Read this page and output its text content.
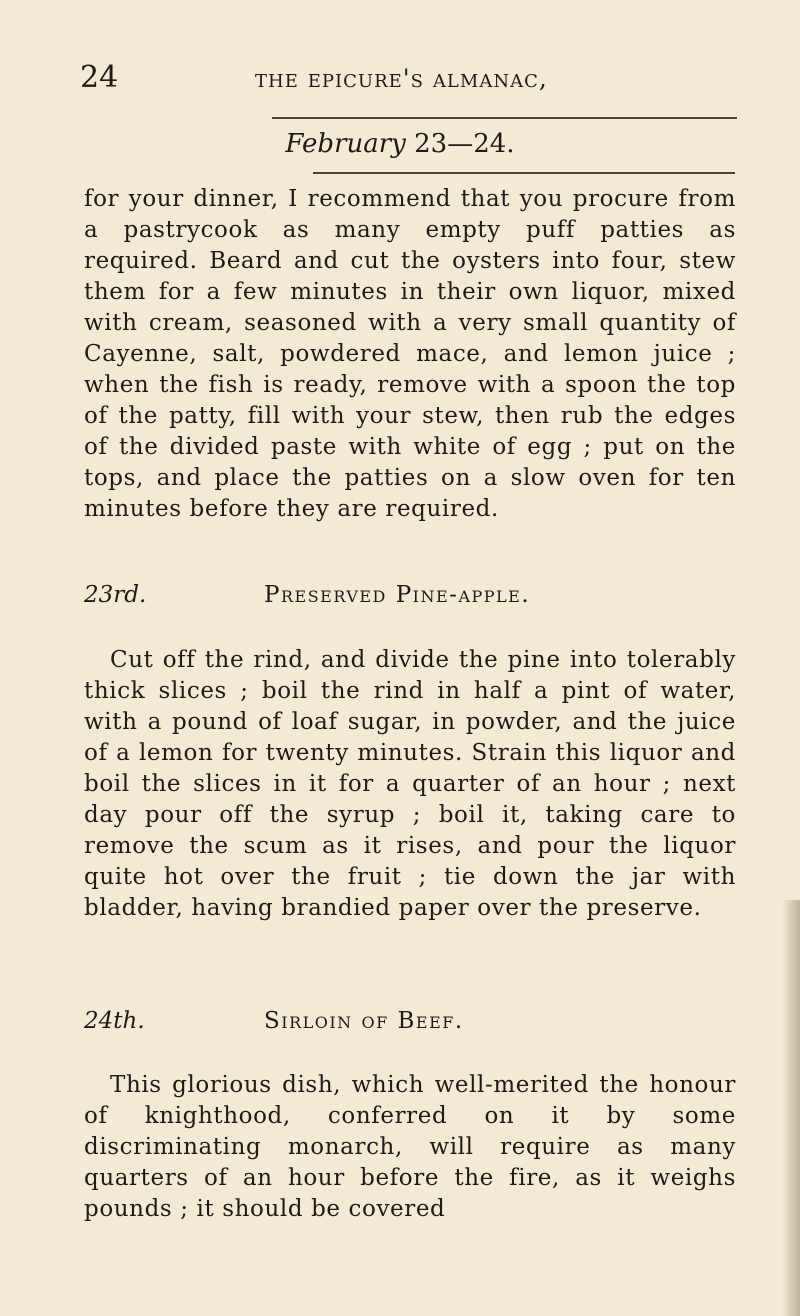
24	the epicure's almanac,
February 23—24.

for your dinner, I recommend that you procure from a pastrycook as many empty puff patties as required. Beard and cut the oysters into four, stew them for a few minutes in their own liquor, mixed with cream, seasoned with a very small quantity of Cayenne, salt, powdered mace, and lemon juice ; when the fish is ready, remove with a spoon the top of the patty, fill with your stew, then rub the edges of the divided paste with white of egg ; put on the tops, and place the patties on a slow oven for ten minutes before they are required.

23rd.	Preserved Pine-apple.

Cut off the rind, and divide the pine into tolerably thick slices ; boil the rind in half a pint of water, with a pound of loaf sugar, in powder, and the juice of a lemon for twenty minutes. Strain this liquor and boil the slices in it for a quarter of an hour ; next day pour off the syrup ; boil it, taking care to remove the scum as it rises, and pour the liquor quite hot over the fruit ; tie down the jar with bladder, having brandied paper over the preserve.

24th.	Sirloin of Beef.

This glorious dish, which well-merited the honour of knighthood, conferred on it by some discriminating monarch, will require as many quarters of an hour before the fire, as it weighs pounds ; it should be covered
